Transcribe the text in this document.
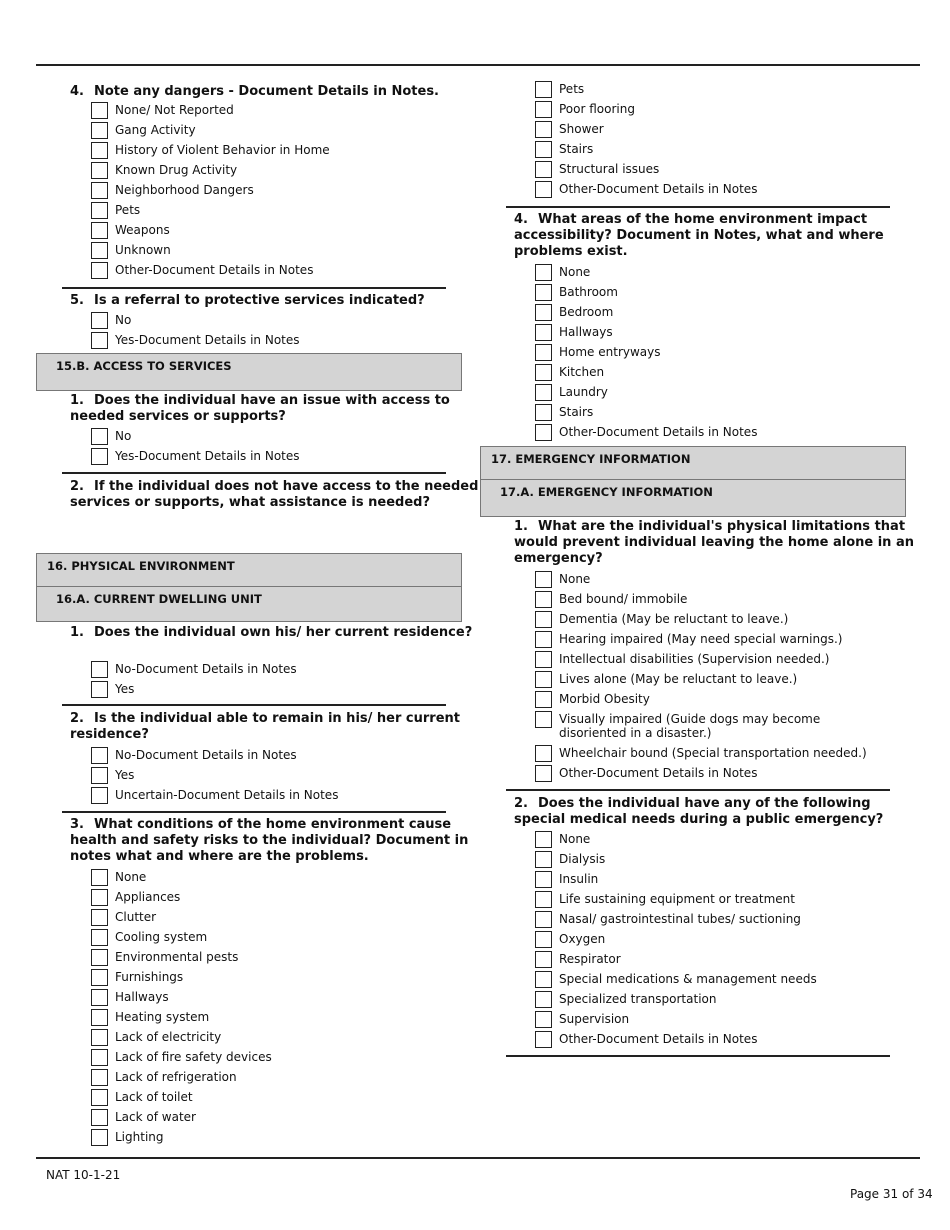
4. Note any dangers - Document Details in Notes.
None/ Not Reported
Gang Activity
History of Violent Behavior in Home
Known Drug Activity
Neighborhood Dangers
Pets
Weapons
Unknown
Other-Document Details in Notes
5. Is a referral to protective services indicated?
No
Yes-Document Details in Notes
15.B. ACCESS TO SERVICES
1. Does the individual have an issue with access to
needed services or supports?
No
Yes-Document Details in Notes
2. If the individual does not have access to the needed
services or supports, what assistance is needed?
16. PHYSICAL ENVIRONMENT
16.A. CURRENT DWELLING UNIT
1. Does the individual own his/ her current residence?
No-Document Details in Notes
Yes
2. Is the individual able to remain in his/ her current
residence?
No-Document Details in Notes
Yes
Uncertain-Document Details in Notes
3. What conditions of the home environment cause
health and safety risks to the individual? Document in
notes what and where are the problems.
None
Appliances
Clutter
Cooling system
Environmental pests
Furnishings
Hallways
Heating system
Lack of electricity
Lack of fire safety devices
Lack of refrigeration
Lack of toilet
Lack of water
Lighting
Pets
Poor flooring
Shower
Stairs
Structural issues
Other-Document Details in Notes
4. What areas of the home environment impact
accessibility? Document in Notes, what and where
problems exist.
None
Bathroom
Bedroom
Hallways
Home entryways
Kitchen
Laundry
Stairs
Other-Document Details in Notes
17. EMERGENCY INFORMATION
17.A. EMERGENCY INFORMATION
1. What are the individual's physical limitations that
would prevent individual leaving the home alone in an
emergency?
None
Bed bound/ immobile
Dementia (May be reluctant to leave.)
Hearing impaired (May need special warnings.)
Intellectual disabilities (Supervision needed.)
Lives alone (May be reluctant to leave.)
Morbid Obesity
Visually impaired (Guide dogs may become disoriented in a disaster.)
Wheelchair bound (Special transportation needed.)
Other-Document Details in Notes
2. Does the individual have any of the following
special medical needs during a public emergency?
None
Dialysis
Insulin
Life sustaining equipment or treatment
Nasal/ gastrointestinal tubes/ suctioning
Oxygen
Respirator
Special medications & management needs
Specialized transportation
Supervision
Other-Document Details in Notes
NAT 10-1-21
Page 31 of 34
